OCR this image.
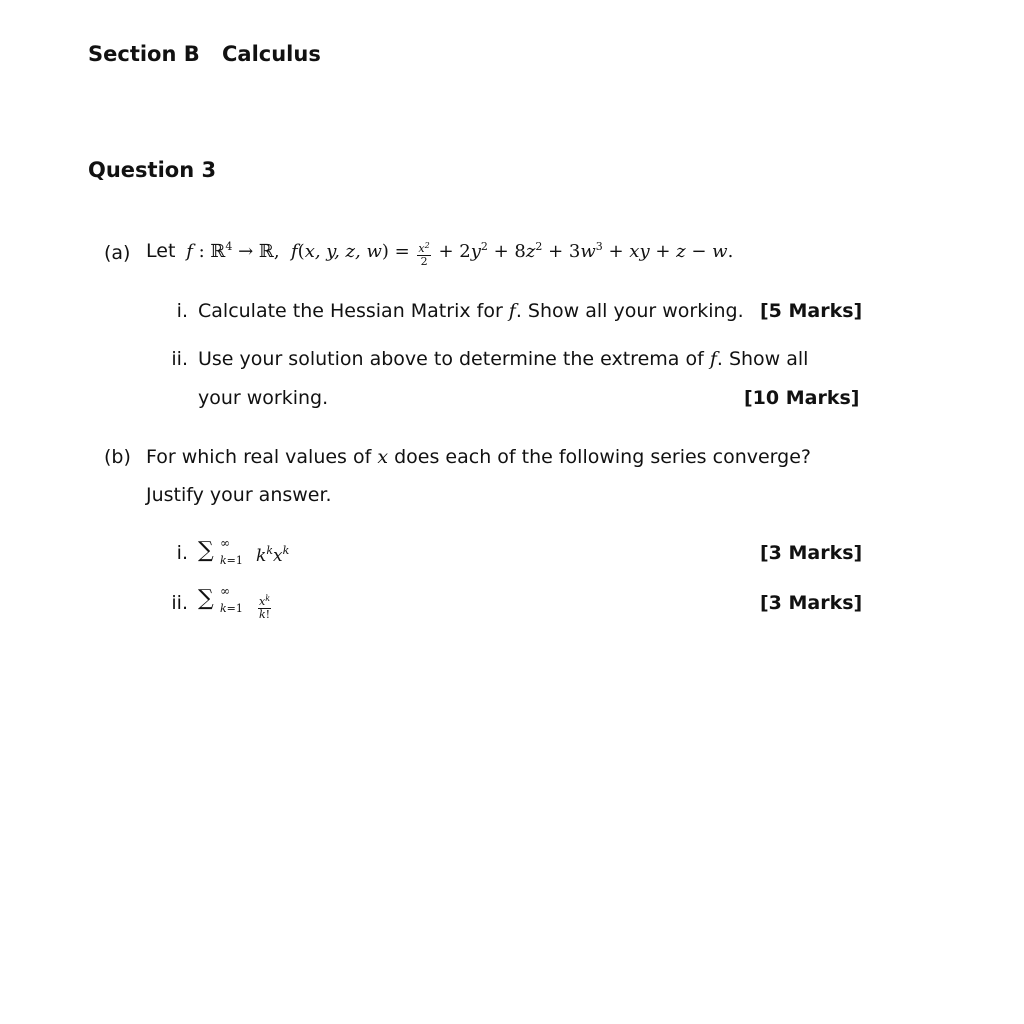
Section B Calculus
Question 3
(a) Let  f : ℝ$^4$ → ℝ,  f(x, y, z, $w) = \frac{x^2}{2} + 2y^2 + 8z^2 + 3w^3$ + xy + z − w.
i. Calculate the Hessian Matrix for f. Show all your working. [5 Marks]
ii. Use your solution above to determine the extrema of f. Show all
your working.	[10 Marks]
(b) For which real values of x does each of the following series converge?
Justify your answer.
i. ∑ ∞
k=1 $k^kx^k$	[3 Marks]
ii. ∑ ∞
$k=1 \frac{x^k}{k!}$	[3 Marks]
